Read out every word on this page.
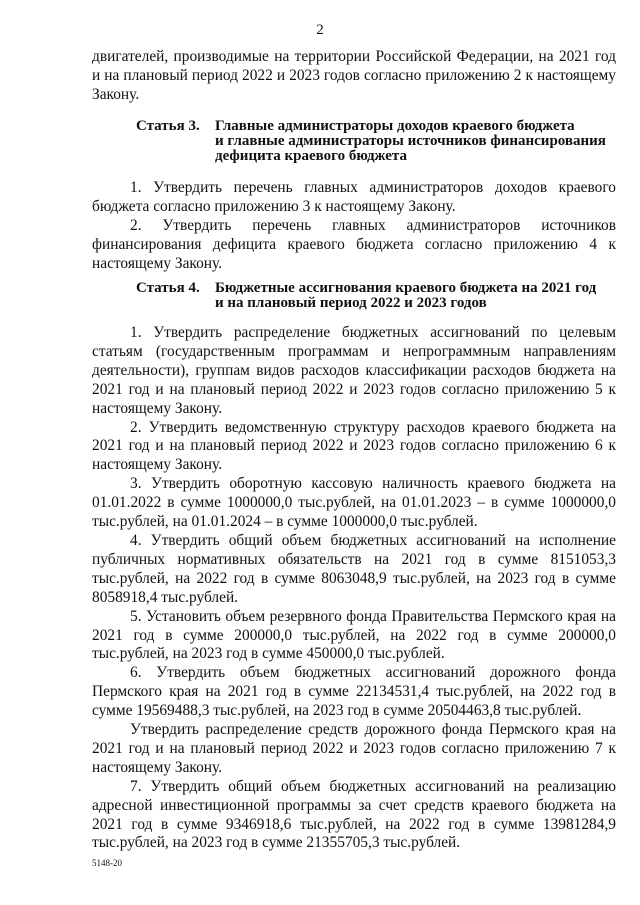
2

двигателей, производимые на территории Российской Федерации, на 2021 год и на плановый период 2022 и 2023 годов согласно приложению 2 к настоящему Закону.

Статья 3. Главные администраторы доходов краевого бюджета
и главные администраторы источников финансирования
дефицита краевого бюджета

1. Утвердить перечень главных администраторов доходов краевого бюджета согласно приложению 3 к настоящему Закону.

2. Утвердить перечень главных администраторов источников финансирования дефицита краевого бюджета согласно приложению 4 к настоящему Закону.

Статья 4. Бюджетные ассигнования краевого бюджета на 2021 год
и на плановый период 2022 и 2023 годов

1. Утвердить распределение бюджетных ассигнований по целевым статьям (государственным программам и непрограммным направлениям деятельности), группам видов расходов классификации расходов бюджета на 2021 год и на плановый период 2022 и 2023 годов согласно приложению 5 к настоящему Закону.

2. Утвердить ведомственную структуру расходов краевого бюджета на 2021 год и на плановый период 2022 и 2023 годов согласно приложению 6 к настоящему Закону.

3. Утвердить оборотную кассовую наличность краевого бюджета на 01.01.2022 в сумме 1000000,0 тыс.рублей, на 01.01.2023 – в сумме 1000000,0 тыс.рублей, на 01.01.2024 – в сумме 1000000,0 тыс.рублей.

4. Утвердить общий объем бюджетных ассигнований на исполнение публичных нормативных обязательств на 2021 год в сумме 8151053,3 тыс.рублей, на 2022 год в сумме 8063048,9 тыс.рублей, на 2023 год в сумме 8058918,4 тыс.рублей.

5. Установить объем резервного фонда Правительства Пермского края на 2021 год в сумме 200000,0 тыс.рублей, на 2022 год в сумме 200000,0 тыс.рублей, на 2023 год в сумме 450000,0 тыс.рублей.

6. Утвердить объем бюджетных ассигнований дорожного фонда Пермского края на 2021 год в сумме 22134531,4 тыс.рублей, на 2022 год в сумме 19569488,3 тыс.рублей, на 2023 год в сумме 20504463,8 тыс.рублей.

Утвердить распределение средств дорожного фонда Пермского края на 2021 год и на плановый период 2022 и 2023 годов согласно приложению 7 к настоящему Закону.

7. Утвердить общий объем бюджетных ассигнований на реализацию адресной инвестиционной программы за счет средств краевого бюджета на 2021 год в сумме 9346918,6 тыс.рублей, на 2022 год в сумме 13981284,9 тыс.рублей, на 2023 год в сумме 21355705,3 тыс.рублей.

5148-20
